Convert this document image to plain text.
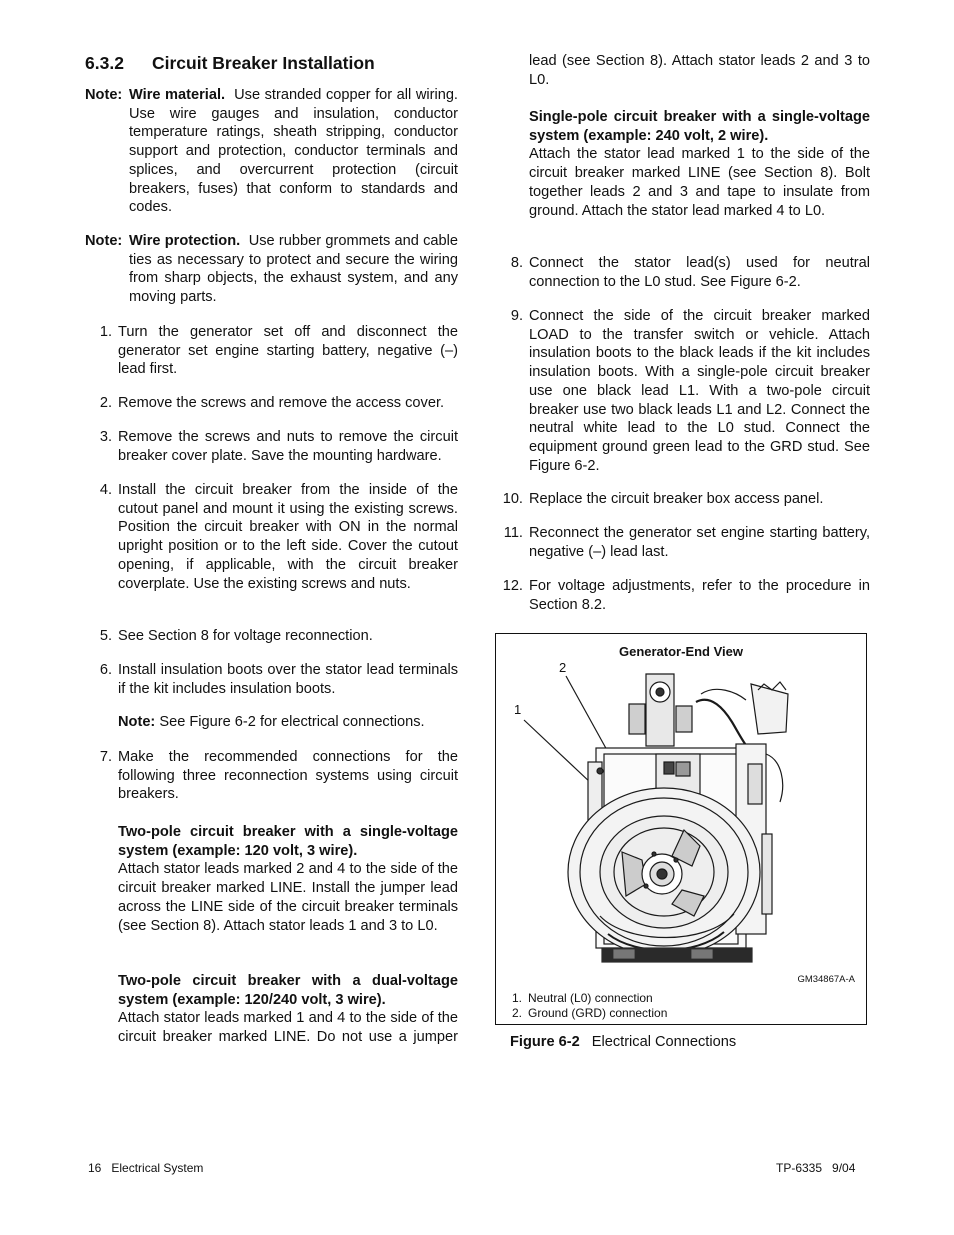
6.3.2 Circuit Breaker Installation
Note: Wire material. Use stranded copper for all wiring. Use wire gauges and insulation, conductor temperature ratings, sheath stripping, conductor support and protection, conductor terminals and splices, and overcurrent protection (circuit breakers, fuses) that conform to standards and codes.
Note: Wire protection. Use rubber grommets and cable ties as necessary to protect and secure the wiring from sharp objects, the exhaust system, and any moving parts.
1. Turn the generator set off and disconnect the generator set engine starting battery, negative (–) lead first.
2. Remove the screws and remove the access cover.
3. Remove the screws and nuts to remove the circuit breaker cover plate. Save the mounting hardware.
4. Install the circuit breaker from the inside of the cutout panel and mount it using the existing screws. Position the circuit breaker with ON in the normal upright position or to the left side. Cover the cutout opening, if applicable, with the circuit breaker coverplate. Use the existing screws and nuts.
5. See Section 8 for voltage reconnection.
6. Install insulation boots over the stator lead terminals if the kit includes insulation boots.
Note: See Figure 6-2 for electrical connections.
7. Make the recommended connections for the following three reconnection systems using circuit breakers.
Two-pole circuit breaker with a single-voltage system (example: 120 volt, 3 wire).
Attach stator leads marked 2 and 4 to the side of the circuit breaker marked LINE. Install the jumper lead across the LINE side of the circuit breaker terminals (see Section 8). Attach stator leads 1 and 3 to L0.
Two-pole circuit breaker with a dual-voltage system (example: 120/240 volt, 3 wire).
Attach stator leads marked 1 and 4 to the side of the circuit breaker marked LINE. Do not use a jumper
lead (see Section 8). Attach stator leads 2 and 3 to L0.
Single-pole circuit breaker with a single-voltage system (example: 240 volt, 2 wire).
Attach the stator lead marked 1 to the side of the circuit breaker marked LINE (see Section 8). Bolt together leads 2 and 3 and tape to insulate from ground. Attach the stator lead marked 4 to L0.
8. Connect the stator lead(s) used for neutral connection to the L0 stud. See Figure 6-2.
9. Connect the side of the circuit breaker marked LOAD to the transfer switch or vehicle. Attach insulation boots to the black leads if the kit includes insulation boots. With a single-pole circuit breaker use one black lead L1. With a two-pole circuit breaker use two black leads L1 and L2. Connect the neutral white lead to the L0 stud. Connect the equipment ground green lead to the GRD stud. See Figure 6-2.
10. Replace the circuit breaker box access panel.
11. Reconnect the generator set engine starting battery, negative (–) lead last.
12. For voltage adjustments, refer to the procedure in Section 8.2.
Generator-End View
2
1
GM34867A-A
1. Neutral (L0) connection
2. Ground (GRD) connection
Figure 6-2 Electrical Connections
16 Electrical System	TP-6335 9/04
